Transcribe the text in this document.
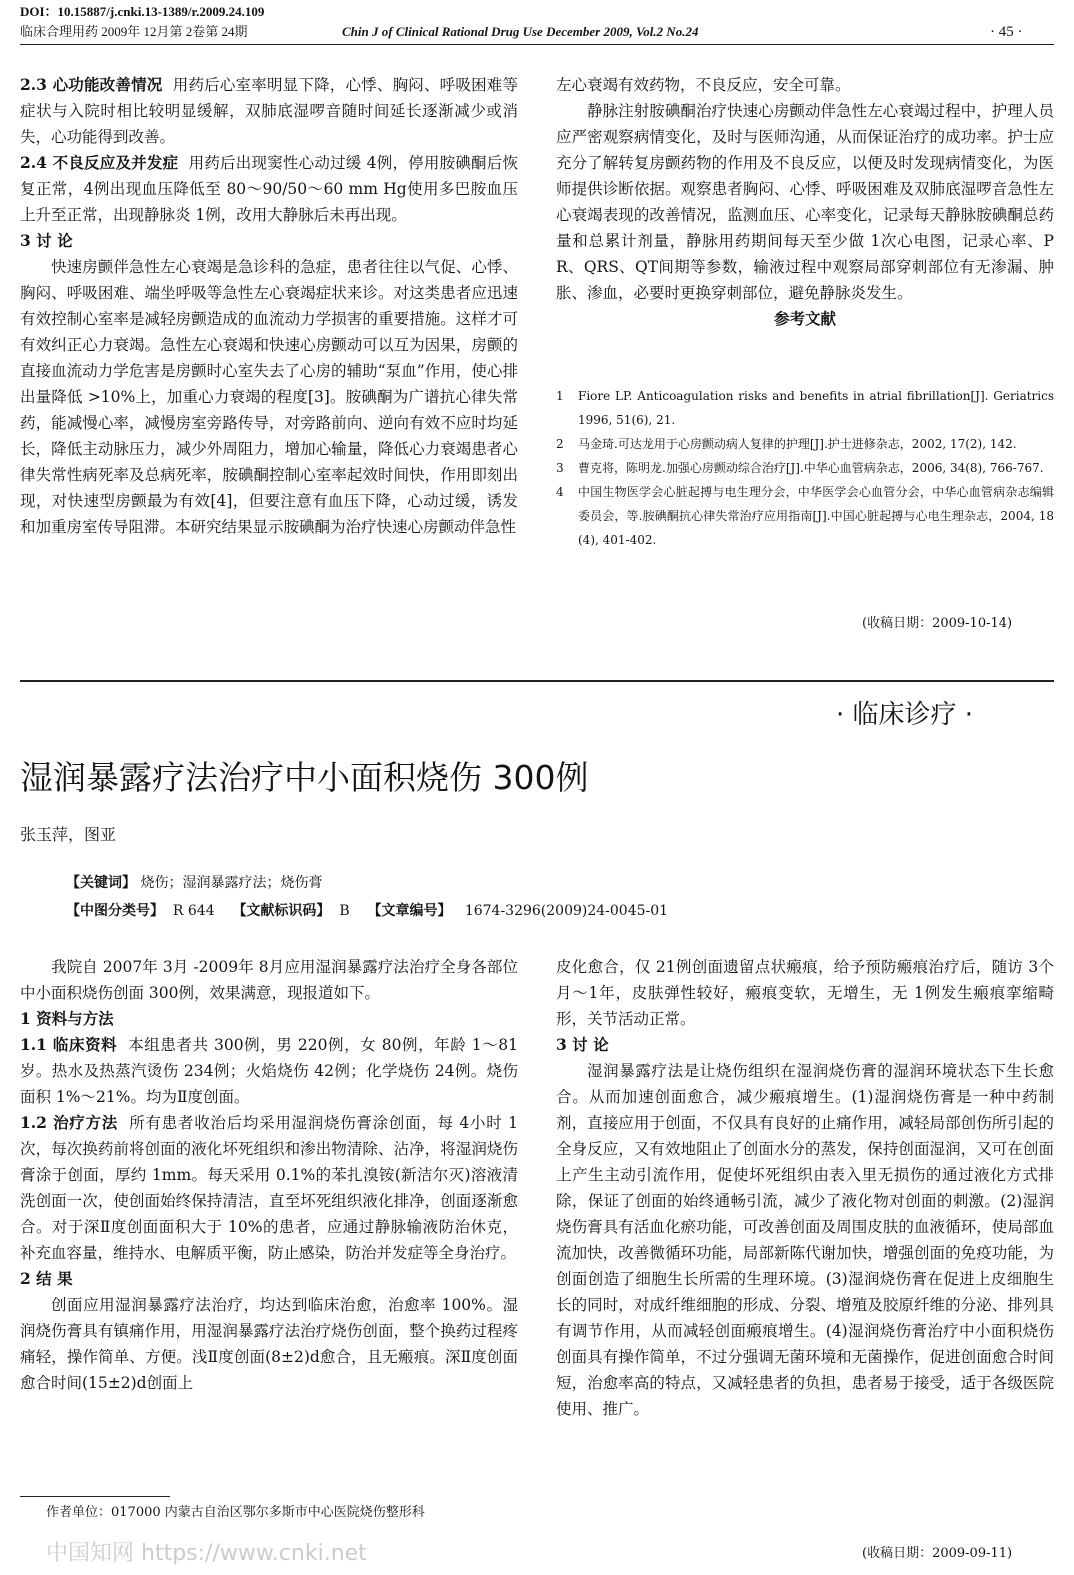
DOI：10.15887/j.cnki.13-1389/r.2009.24.109
临床合理用药 2009年 12月第 2卷第 24期	Chin J of Clinical Rational Drug Use December 2009, Vol.2 No.24	· 45 ·

2.3 心功能改善情况 用药后心室率明显下降，心悸、胸闷、呼吸困难等症状与入院时相比较明显缓解，双肺底湿啰音随时间延长逐渐减少或消失，心功能得到改善。

2.4 不良反应及并发症 用药后出现窦性心动过缓 4例，停用胺碘酮后恢复正常，4例出现血压降低至 80～90/50～60 mm Hg使用多巴胺血压上升至正常，出现静脉炎 1例，改用大静脉后未再出现。

3 讨 论

快速房颤伴急性左心衰竭是急诊科的急症，患者往往以气促、心悸、胸闷、呼吸困难、端坐呼吸等急性左心衰竭症状来诊。对这类患者应迅速有效控制心室率是减轻房颤造成的血流动力学损害的重要措施。这样才可有效纠正心力衰竭。急性左心衰竭和快速心房颤动可以互为因果，房颤的直接血流动力学危害是房颤时心室失去了心房的辅助“泵血”作用，使心排出量降低 >10%上，加重心力衰竭的程度[3]。胺碘酮为广谱抗心律失常药，能减慢心率，减慢房室旁路传导，对旁路前向、逆向有效不应时均延长，降低主动脉压力，减少外周阻力，增加心输量，降低心力衰竭患者心律失常性病死率及总病死率，胺碘酮控制心室率起效时间快，作用即刻出现，对快速型房颤最为有效[4]，但要注意有血压下降，心动过缓，诱发和加重房室传导阻滞。本研究结果显示胺碘酮为治疗快速心房颤动伴急性

左心衰竭有效药物，不良反应，安全可靠。

静脉注射胺碘酮治疗快速心房颤动伴急性左心衰竭过程中，护理人员应严密观察病情变化，及时与医师沟通，从而保证治疗的成功率。护士应充分了解转复房颤药物的作用及不良反应，以便及时发现病情变化，为医师提供诊断依据。观察患者胸闷、心悸、呼吸困难及双肺底湿啰音急性左心衰竭表现的改善情况，监测血压、心率变化，记录每天静脉胺碘酮总药量和总累计剂量，静脉用药期间每天至少做 1次心电图，记录心率、PR、QRS、QT间期等参数，输液过程中观察局部穿刺部位有无渗漏、肿胀、渗血，必要时更换穿刺部位，避免静脉炎发生。

参考文献

1	Fiore LP. Anticoagulation risks and benefits in atrial fibrillation[J]. Geriatrics 1996, 51(6), 21.
2	马金琦.可达龙用于心房颤动病人复律的护理[J].护士进修杂志，2002, 17(2), 142.
3	曹克将，陈明龙.加强心房颤动综合治疗[J].中华心血管病杂志，2006, 34(8), 766-767.
4	中国生物医学会心脏起搏与电生理分会，中华医学会心血管分会，中华心血管病杂志编辑委员会，等.胺碘酮抗心律失常治疗应用指南[J].中国心脏起搏与心电生理杂志，2004, 18(4), 401-402.
(收稿日期：2009-10-14)
· 临床诊疗 ·
湿润暴露疗法治疗中小面积烧伤 300例
张玉萍，图亚
【关键词】 烧伤；湿润暴露疗法；烧伤膏
【中图分类号】 R 644 【文献标识码】 B 【文章编号】 1674-3296(2009)24-0045-01

我院自 2007年 3月 -2009年 8月应用湿润暴露疗法治疗全身各部位中小面积烧伤创面 300例，效果满意，现报道如下。

1 资料与方法

1.1 临床资料 本组患者共 300例，男 220例，女 80例，年龄 1～81岁。热水及热蒸汽烫伤 234例；火焰烧伤 42例；化学烧伤 24例。烧伤面积 1%～21%。均为Ⅱ度创面。

1.2 治疗方法 所有患者收治后均采用湿润烧伤膏涂创面，每 4小时 1次，每次换药前将创面的液化坏死组织和渗出物清除、沾净，将湿润烧伤膏涂于创面，厚约 1mm。每天采用 0.1%的苯扎溴铵(新洁尔灭)溶液清洗创面一次，使创面始终保持清洁，直至坏死组织液化排净，创面逐渐愈合。对于深Ⅱ度创面面积大于 10%的患者，应通过静脉输液防治休克，补充血容量，维持水、电解质平衡，防止感染，防治并发症等全身治疗。

2 结 果

创面应用湿润暴露疗法治疗，均达到临床治愈，治愈率 100%。湿润烧伤膏具有镇痛作用，用湿润暴露疗法治疗烧伤创面，整个换药过程疼痛轻，操作简单、方便。浅Ⅱ度创面(8±2)d愈合，且无瘢痕。深Ⅱ度创面愈合时间(15±2)d创面上

皮化愈合，仅 21例创面遗留点状瘢痕，给予预防瘢痕治疗后，随访 3个月～1年，皮肤弹性较好，瘢痕变软，无增生，无 1例发生瘢痕挛缩畸形，关节活动正常。

3 讨 论

湿润暴露疗法是让烧伤组织在湿润烧伤膏的湿润环境状态下生长愈合。从而加速创面愈合，减少瘢痕增生。(1)湿润烧伤膏是一种中药制剂，直接应用于创面，不仅具有良好的止痛作用，减轻局部创伤所引起的全身反应，又有效地阻止了创面水分的蒸发，保持创面湿润，又可在创面上产生主动引流作用，促使坏死组织由表入里无损伤的通过液化方式排除，保证了创面的始终通畅引流，减少了液化物对创面的刺激。(2)湿润烧伤膏具有活血化瘀功能，可改善创面及周围皮肤的血液循环，使局部血流加快，改善微循环功能，局部新陈代谢加快，增强创面的免疫功能，为创面创造了细胞生长所需的生理环境。(3)湿润烧伤膏在促进上皮细胞生长的同时，对成纤维细胞的形成、分裂、增殖及胶原纤维的分泌、排列具有调节作用，从而减轻创面瘢痕增生。(4)湿润烧伤膏治疗中小面积烧伤创面具有操作简单，不过分强调无菌环境和无菌操作，促进创面愈合时间短，治愈率高的特点，又减轻患者的负担，患者易于接受，适于各级医院使用、推广。

作者单位：017000 内蒙古自治区鄂尔多斯市中心医院烧伤整形科
(收稿日期：2009-09-11)
中国知网 https://www.cnki.net
